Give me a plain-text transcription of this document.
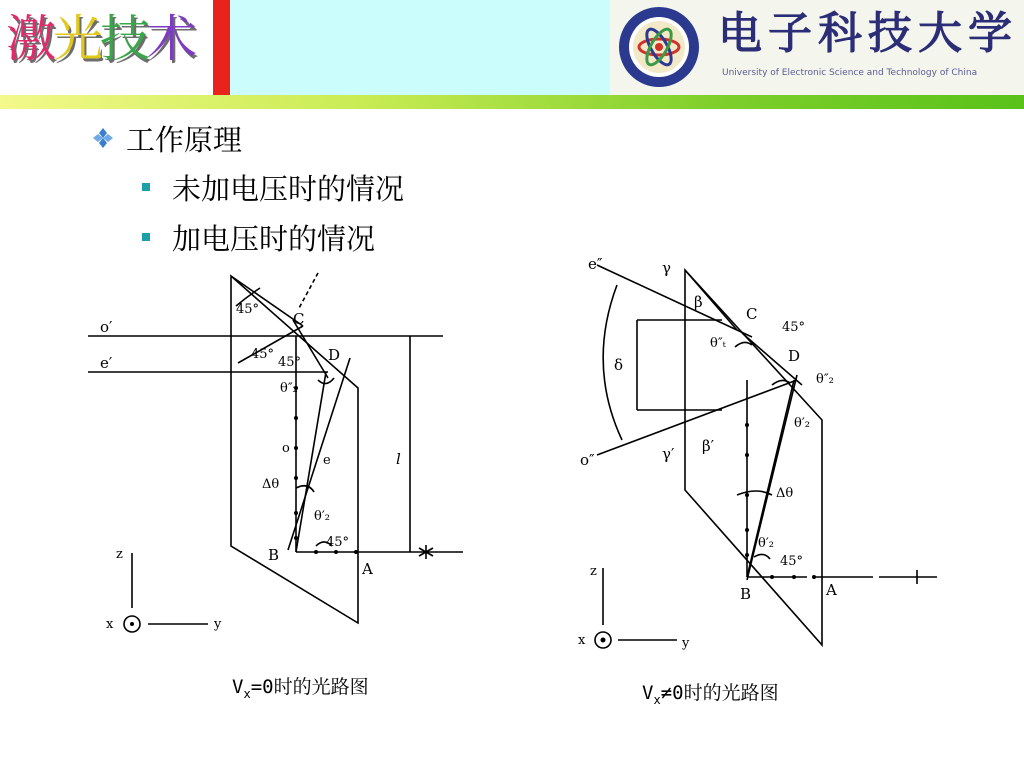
激光技术	电子科技大学
University of Electronic Science and Technology of China
工作原理
未加电压时的情况
加电压时的情况
o′
e′
45°
C
45°
45° D
θ″₂
o
e
Δθ
θ′₂
45°
B
A
l
z
x	y
$V_x=0$时的光路图
e″	γ
β
C
45°
θ″ₜ
δ	D
θ″₂
o″	γ′ β′
θ′₂
Δθ
θ′₂
45°
B	A
z
x	y
$V_x\ne 0$时的光路图
